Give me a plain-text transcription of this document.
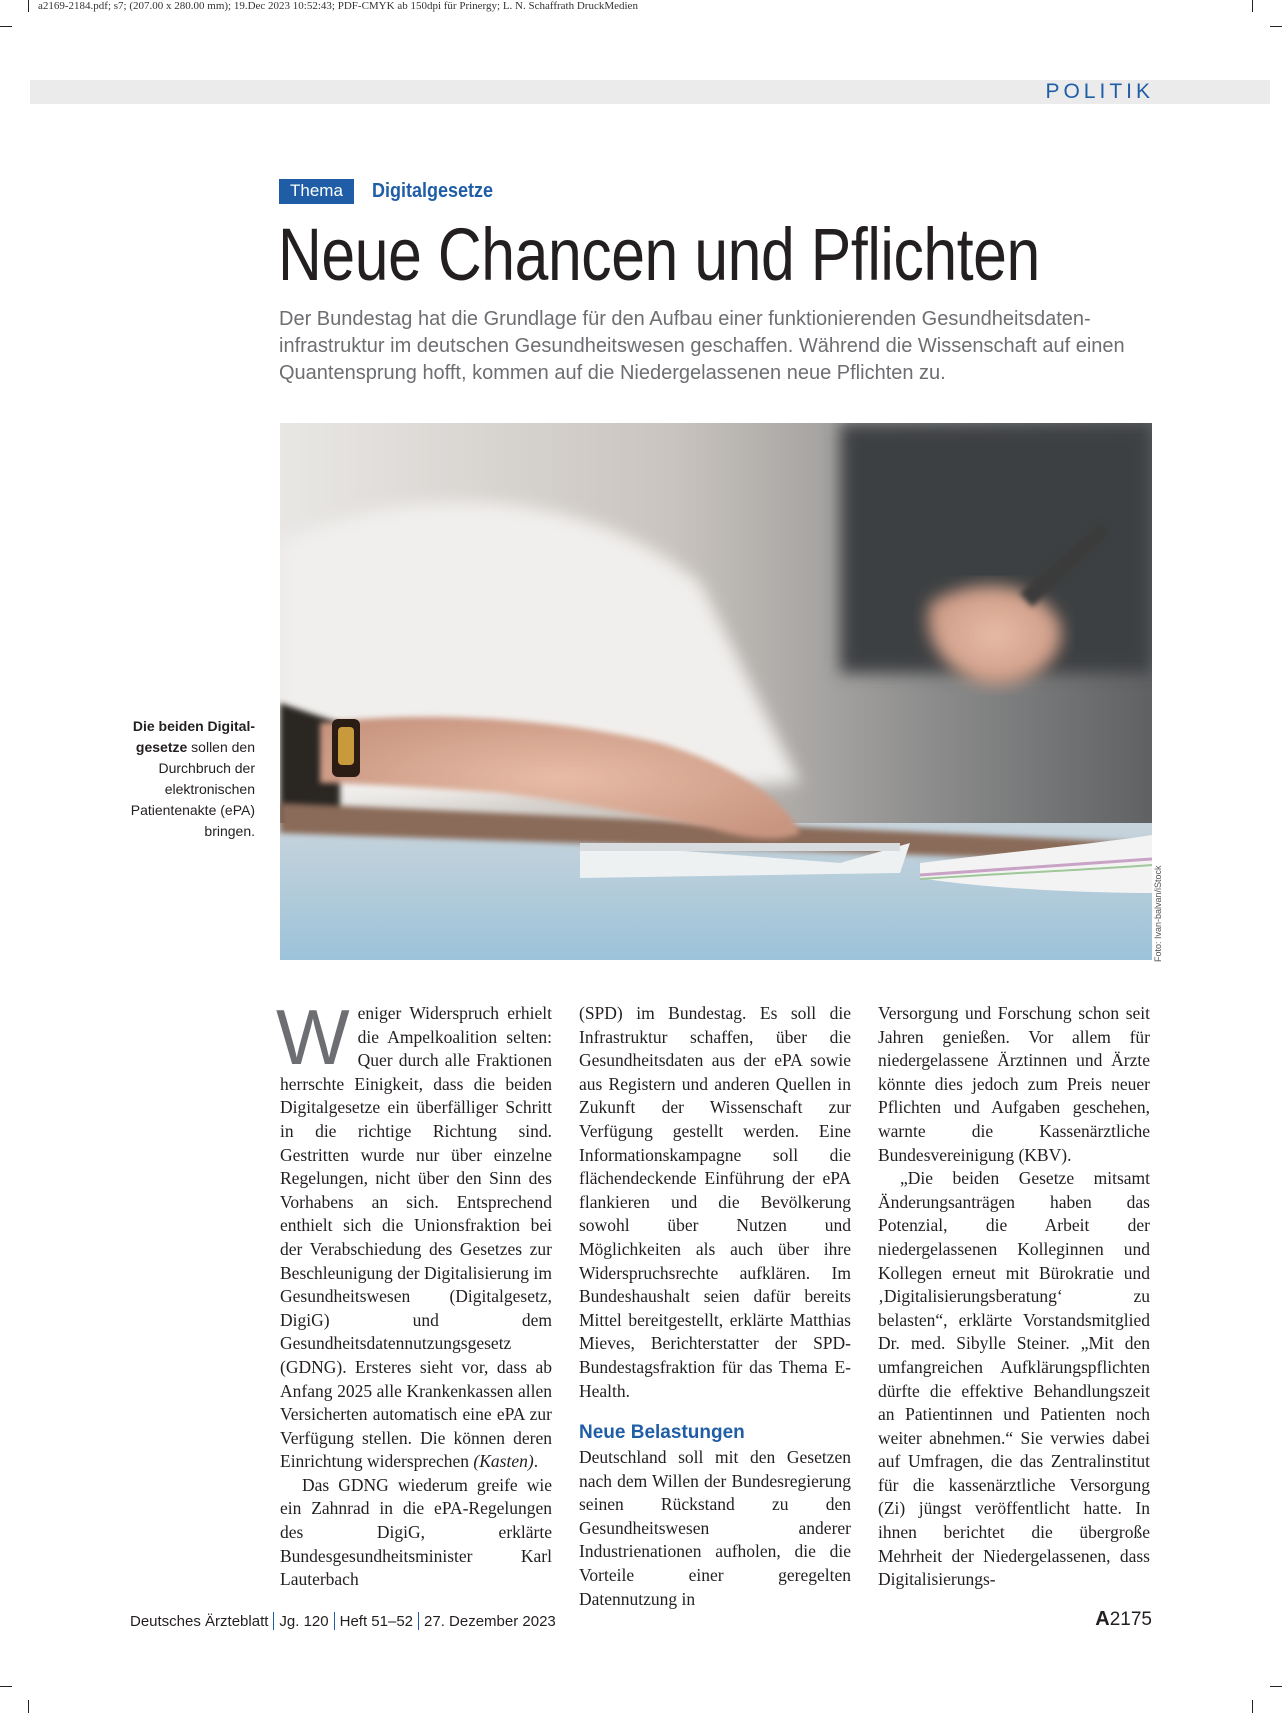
a2169-2184.pdf; s7; (207.00 x 280.00 mm); 19.Dec 2023 10:52:43; PDF-CMYK ab 150dpi für Prinergy; L. N. Schaffrath DruckMedien
POLITIK
Thema	Digitalgesetze
Neue Chancen und Pflichten
Der Bundestag hat die Grundlage für den Aufbau einer funktionierenden Gesundheitsdaten-infrastruktur im deutschen Gesundheitswesen geschaffen. Während die Wissenschaft auf einen Quantensprung hofft, kommen auf die Niedergelassenen neue Pflichten zu.
Foto: Ivan-balvan/iStock
Die beiden Digital-gesetze sollen den Durchbruch der elektronischen Patientenakte (ePA) bringen.

Weniger Widerspruch erhielt die Ampelkoalition selten: Quer durch alle Fraktionen herrschte Einigkeit, dass die beiden Digitalgesetze ein überfälliger Schritt in die richtige Richtung sind. Gestritten wurde nur über einzelne Regelungen, nicht über den Sinn des Vorhabens an sich. Entsprechend enthielt sich die Unionsfraktion bei der Verabschiedung des Gesetzes zur Beschleunigung der Digitalisierung im Gesundheitswesen (Digitalgesetz, DigiG) und dem Gesundheitsdatennutzungsgesetz (GDNG). Ersteres sieht vor, dass ab Anfang 2025 alle Krankenkassen allen Versicherten automatisch eine ePA zur Verfügung stellen. Die können deren Einrichtung widersprechen (Kasten).

Das GDNG wiederum greife wie ein Zahnrad in die ePA-Regelungen des DigiG, erklärte Bundesgesundheitsminister Karl Lauterbach

(SPD) im Bundestag. Es soll die Infrastruktur schaffen, über die Gesundheitsdaten aus der ePA sowie aus Registern und anderen Quellen in Zukunft der Wissenschaft zur Verfügung gestellt werden. Eine Informationskampagne soll die flächendeckende Einführung der ePA flankieren und die Bevölkerung sowohl über Nutzen und Möglichkeiten als auch über ihre Widerspruchsrechte aufklären. Im Bundeshaushalt seien dafür bereits Mittel bereitgestellt, erklärte Matthias Mieves, Berichterstatter der SPD-Bundestagsfraktion für das Thema E-Health.

Neue Belastungen

Deutschland soll mit den Gesetzen nach dem Willen der Bundesregierung seinen Rückstand zu den Gesundheitswesen anderer Industrienationen aufholen, die die Vorteile einer geregelten Datennutzung in

Versorgung und Forschung schon seit Jahren genießen. Vor allem für niedergelassene Ärztinnen und Ärzte könnte dies jedoch zum Preis neuer Pflichten und Aufgaben geschehen, warnte die Kassenärztliche Bundesvereinigung (KBV).

„Die beiden Gesetze mitsamt Änderungsanträgen haben das Potenzial, die Arbeit der niedergelassenen Kolleginnen und Kollegen erneut mit Bürokratie und ‚Digitalisierungsberatung‘ zu belasten“, erklärte Vorstandsmitglied Dr. med. Sibylle Steiner. „Mit den umfangreichen Aufklärungspflichten dürfte die effektive Behandlungszeit an Patientinnen und Patienten noch weiter abnehmen.“ Sie verwies dabei auf Umfragen, die das Zentralinstitut für die kassenärztliche Versorgung (Zi) jüngst veröffentlicht hatte. In ihnen berichtet die übergroße Mehrheit der Niedergelassenen, dass Digitalisierungs-

Deutsches Ärzteblatt Jg. 120 Heft 51–52 27. Dezember 2023	A2175
